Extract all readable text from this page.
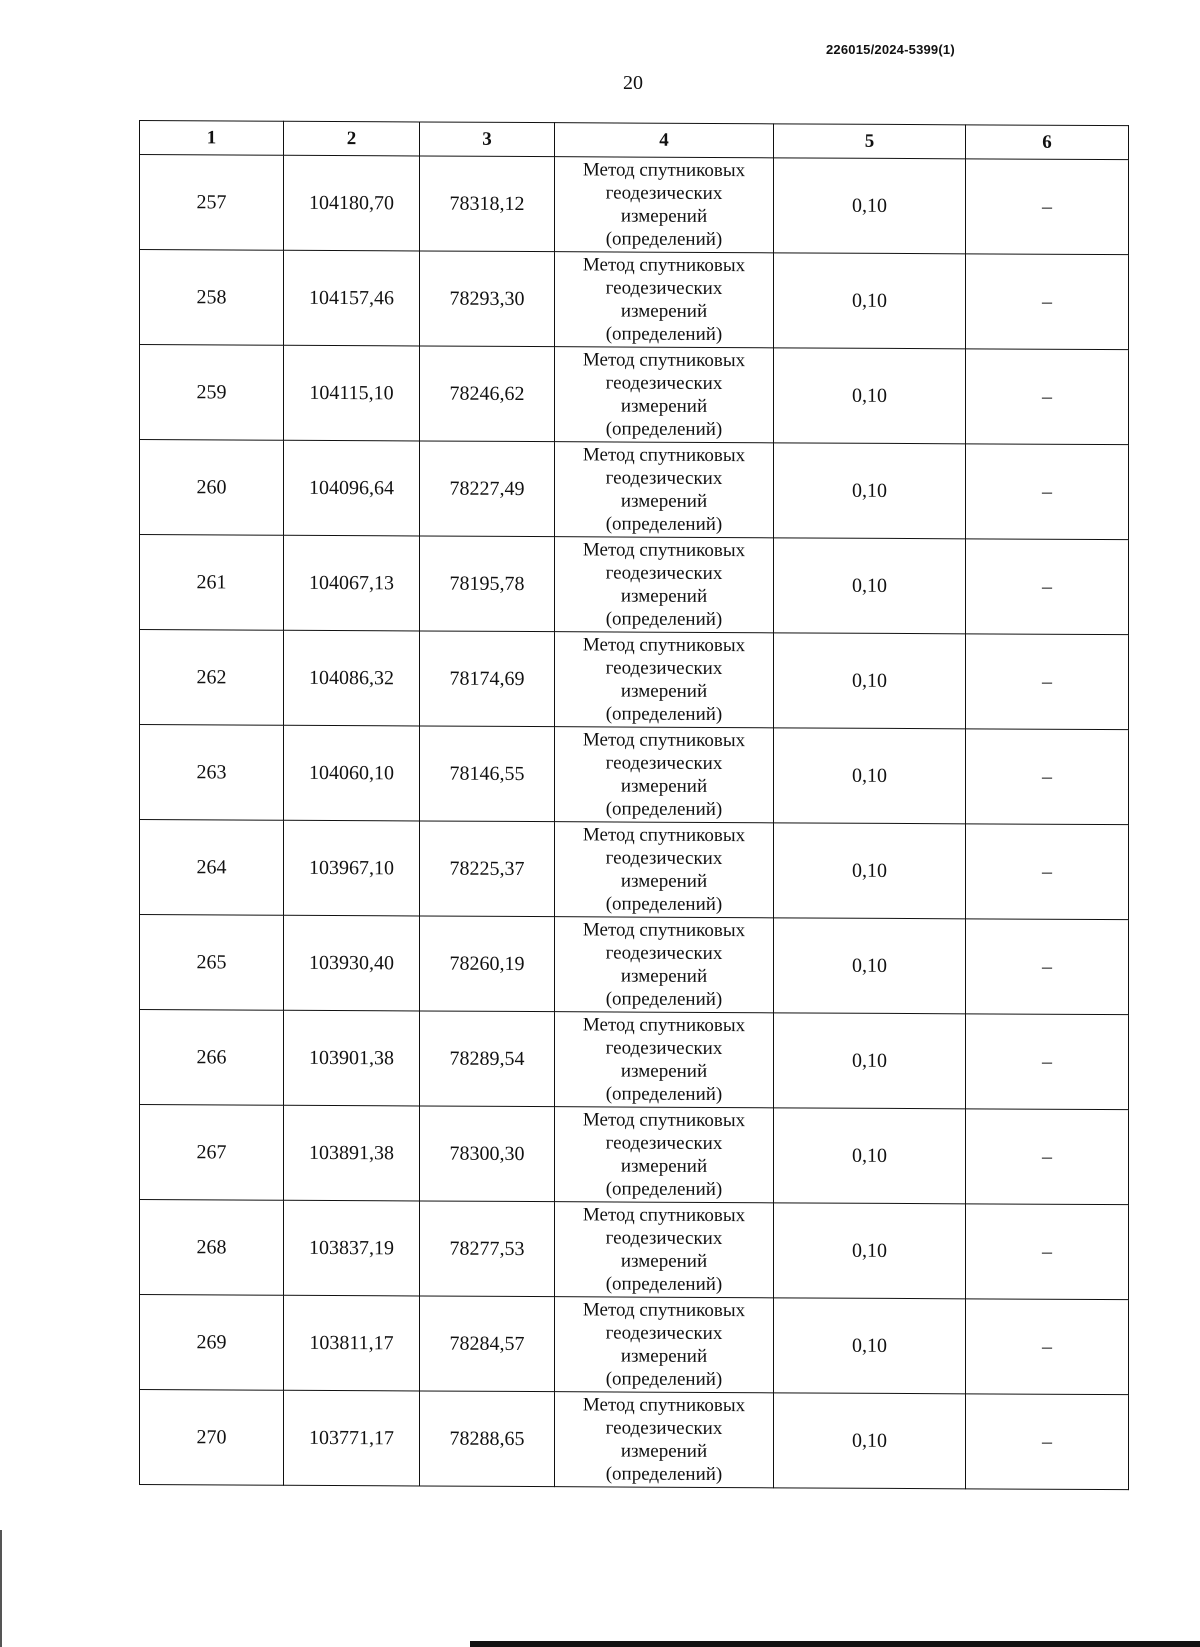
226015/2024-5399(1)
20
1	2	3	4	5	6
257	104180,70	78318,12	Метод спутниковых
геодезических
измерений
(определений)	0,10	–
258	104157,46	78293,30	Метод спутниковых
геодезических
измерений
(определений)	0,10	–
259	104115,10	78246,62	Метод спутниковых
геодезических
измерений
(определений)	0,10	–
260	104096,64	78227,49	Метод спутниковых
геодезических
измерений
(определений)	0,10	–
261	104067,13	78195,78	Метод спутниковых
геодезических
измерений
(определений)	0,10	–
262	104086,32	78174,69	Метод спутниковых
геодезических
измерений
(определений)	0,10	–
263	104060,10	78146,55	Метод спутниковых
геодезических
измерений
(определений)	0,10	–
264	103967,10	78225,37	Метод спутниковых
геодезических
измерений
(определений)	0,10	–
265	103930,40	78260,19	Метод спутниковых
геодезических
измерений
(определений)	0,10	–
266	103901,38	78289,54	Метод спутниковых
геодезических
измерений
(определений)	0,10	–
267	103891,38	78300,30	Метод спутниковых
геодезических
измерений
(определений)	0,10	–
268	103837,19	78277,53	Метод спутниковых
геодезических
измерений
(определений)	0,10	–
269	103811,17	78284,57	Метод спутниковых
геодезических
измерений
(определений)	0,10	–
270	103771,17	78288,65	Метод спутниковых
геодезических
измерений
(определений)	0,10	–
